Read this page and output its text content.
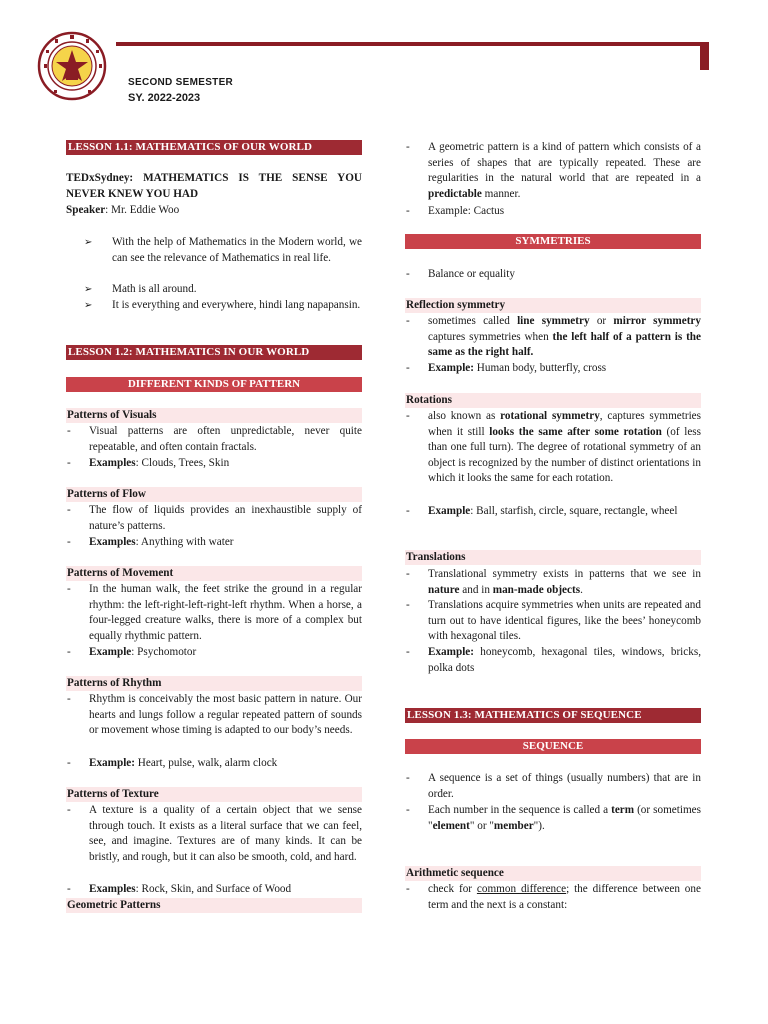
SECOND SEMESTER
SY. 2022-2023
LESSON 1.1: MATHEMATICS OF OUR WORLD
TEDxSydney: MATHEMATICS IS THE SENSE YOU NEVER KNEW YOU HAD
Speaker: Mr. Eddie Woo
➢	With the help of Mathematics in the Modern world, we can see the relevance of Mathematics in real life.
➢	Math is all around.
➢	It is everything and everywhere, hindi lang napapansin.
LESSON 1.2: MATHEMATICS IN OUR WORLD
DIFFERENT KINDS OF PATTERN
Patterns of Visuals
-	Visual patterns are often unpredictable, never quite repeatable, and often contain fractals.
-	Examples: Clouds, Trees, Skin
Patterns of Flow
-	The flow of liquids provides an inexhaustible supply of nature’s patterns.
-	Examples: Anything with water
Patterns of Movement
-	In the human walk, the feet strike the ground in a regular rhythm: the left-right-left-right-left rhythm. When a horse, a four-legged creature walks, there is more of a complex but equally rhythmic pattern.
-	Example: Psychomotor
Patterns of Rhythm
-	Rhythm is conceivably the most basic pattern in nature. Our hearts and lungs follow a regular repeated pattern of sounds or movement whose timing is adapted to our body’s needs.
-	Example: Heart, pulse, walk, alarm clock
Patterns of Texture
-	A texture is a quality of a certain object that we sense through touch. It exists as a literal surface that we can feel, see, and imagine. Textures are of many kinds. It can be bristly, and rough, but it can also be smooth, cold, and hard.
-	Examples: Rock, Skin, and Surface of Wood
Geometric Patterns
-	A geometric pattern is a kind of pattern which consists of a series of shapes that are typically repeated. These are regularities in the natural world that are repeated in a predictable manner.
-	Example: Cactus
SYMMETRIES
-	Balance or equality
Reflection symmetry
-	sometimes called line symmetry or mirror symmetry captures symmetries when the left half of a pattern is the same as the right half.
-	Example: Human body, butterfly, cross
Rotations
-	also known as rotational symmetry, captures symmetries when it still looks the same after some rotation (of less than one full turn). The degree of rotational symmetry of an object is recognized by the number of distinct orientations in which it looks the same for each rotation.
-	Example: Ball, starfish, circle, square, rectangle, wheel
Translations
-	Translational symmetry exists in patterns that we see in nature and in man-made objects.
-	Translations acquire symmetries when units are repeated and turn out to have identical figures, like the bees’ honeycomb with hexagonal tiles.
-	Example: honeycomb, hexagonal tiles, windows, bricks, polka dots
LESSON 1.3: MATHEMATICS OF SEQUENCE
SEQUENCE
-	A sequence is a set of things (usually numbers) that are in order.
-	Each number in the sequence is called a term (or sometimes "element" or "member").
Arithmetic sequence
-	check for common difference; the difference between one term and the next is a constant:
